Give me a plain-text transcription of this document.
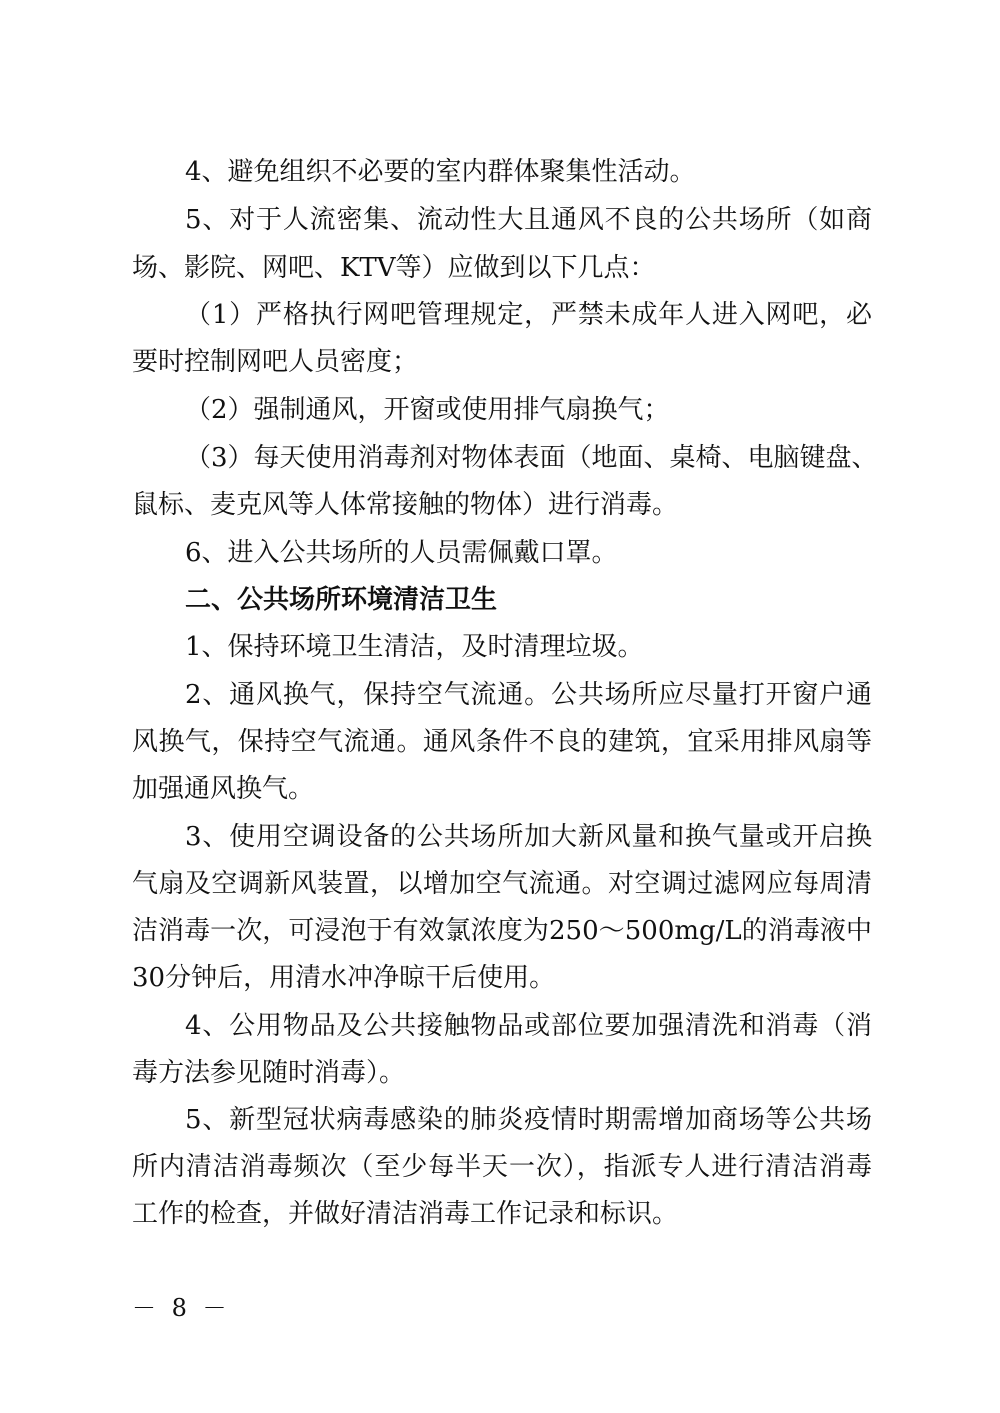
4、避免组织不必要的室内群体聚集性活动。
5、对于人流密集、流动性大且通风不良的公共场所（如商
场、影院、网吧、KTV等）应做到以下几点：
（1）严格执行网吧管理规定，严禁未成年人进入网吧，必
要时控制网吧人员密度；
（2）强制通风，开窗或使用排气扇换气；
（3）每天使用消毒剂对物体表面（地面、桌椅、电脑键盘、
鼠标、麦克风等人体常接触的物体）进行消毒。
6、进入公共场所的人员需佩戴口罩。
二、公共场所环境清洁卫生
1、保持环境卫生清洁，及时清理垃圾。
2、通风换气，保持空气流通。公共场所应尽量打开窗户通
风换气，保持空气流通。通风条件不良的建筑，宜采用排风扇等
加强通风换气。
3、使用空调设备的公共场所加大新风量和换气量或开启换
气扇及空调新风装置，以增加空气流通。对空调过滤网应每周清
洁消毒一次，可浸泡于有效氯浓度为250～500mg/L的消毒液中
30分钟后，用清水冲净晾干后使用。
4、公用物品及公共接触物品或部位要加强清洗和消毒（消
毒方法参见随时消毒）。
5、新型冠状病毒感染的肺炎疫情时期需增加商场等公共场
所内清洁消毒频次（至少每半天一次），指派专人进行清洁消毒
工作的检查，并做好清洁消毒工作记录和标识。
－ 8 －
